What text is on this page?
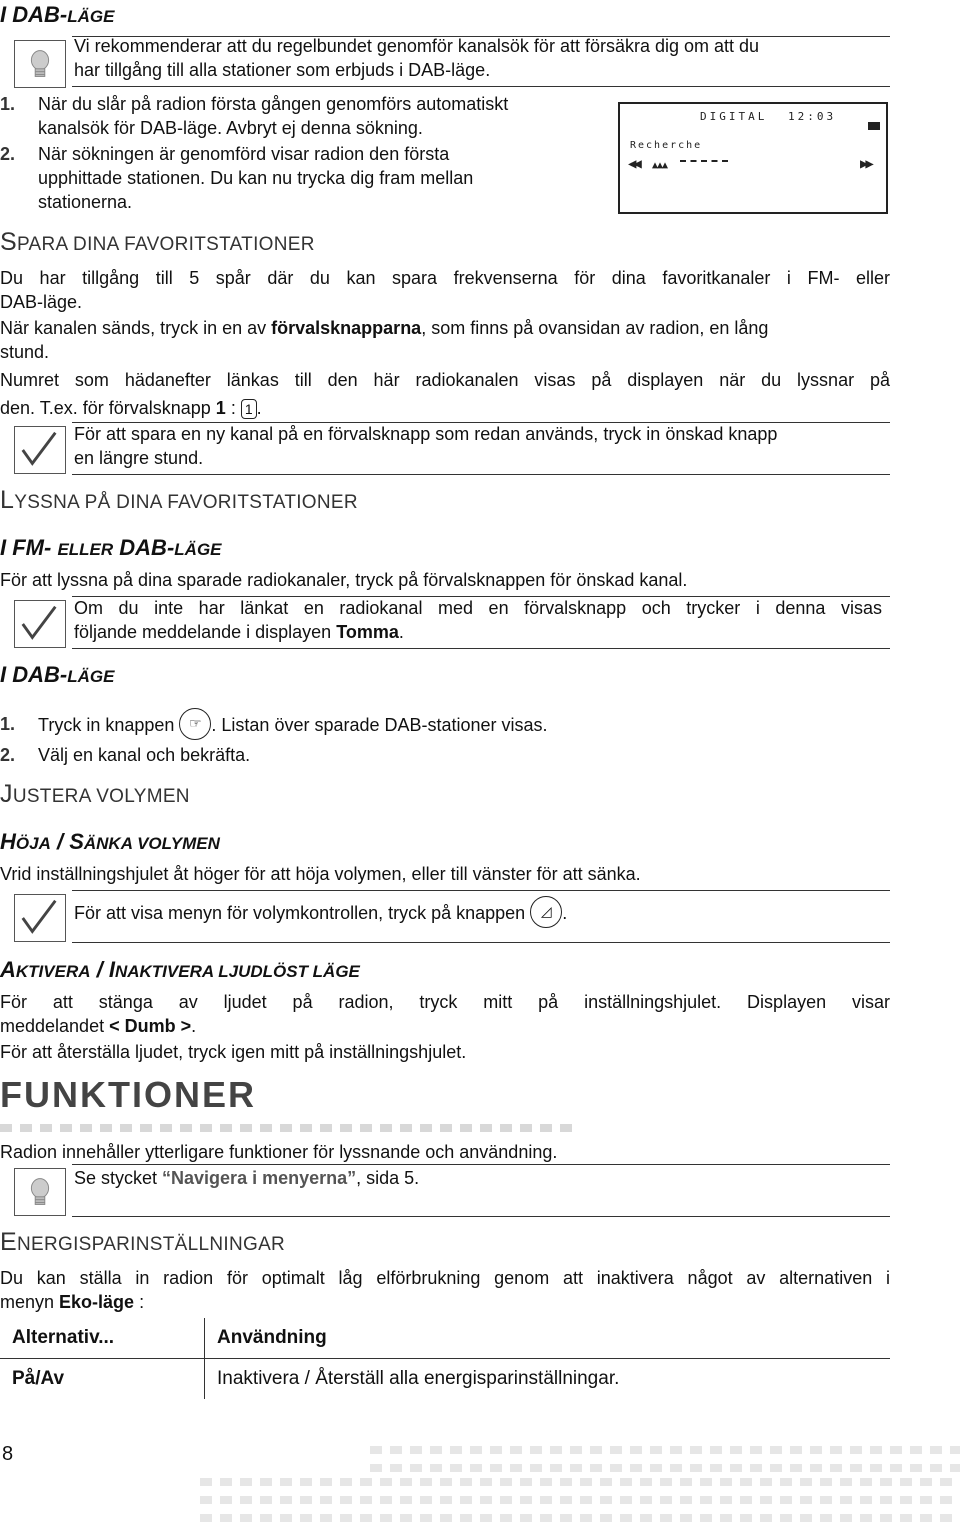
I DAB-LÄGE
Vi rekommenderar att du regelbundet genomför kanalsök för att försäkra dig om att du
har tillgång till alla stationer som erbjuds i DAB-läge.
1. När du slår på radion första gången genomförs automatiskt
kanalsök för DAB-läge. Avbryt ej denna sökning.
2. När sökningen är genomförd visar radion den första
upphittade stationen. Du kan nu trycka dig fram mellan
stationerna.
DIGITAL 12:03
Recherche
◀◀ ▲▲▲	▶▶
SPARA DINA FAVORITSTATIONER
Du har tillgång till 5 spår där du kan spara frekvenserna för dina favoritkanaler i FM- eller
DAB-läge.
När kanalen sänds, tryck in en av förvalsknapparna, som finns på ovansidan av radion, en lång
stund.
Numret som hädanefter länkas till den här radiokanalen visas på displayen när du lyssnar på
den. T.ex. för förvalsknapp 1 : 1 .
För att spara en ny kanal på en förvalsknapp som redan används, tryck in önskad knapp
en längre stund.
LYSSNA PÅ DINA FAVORITSTATIONER
I FM- ELLER DAB-LÄGE
För att lyssna på dina sparade radiokanaler, tryck på förvalsknappen för önskad kanal.
Om du inte har länkat en radiokanal med en förvalsknapp och trycker i denna visas
följande meddelande i displayen Tomma.
I DAB-LÄGE
1. Tryck in knappen ☞ . Listan över sparade DAB-stationer visas.
2. Välj en kanal och bekräfta.
JUSTERA VOLYMEN
HÖJA / SÄNKA VOLYMEN
Vrid inställningshjulet åt höger för att höja volymen, eller till vänster för att sänka.
För att visa menyn för volymkontrollen, tryck på knappen ◿ .
AKTIVERA / INAKTIVERA LJUDLÖST LÄGE
För att stänga av ljudet på radion, tryck mitt på inställningshjulet. Displayen visar
meddelandet < Dumb >.
För att återställa ljudet, tryck igen mitt på inställningshjulet.
FUNKTIONER
Radion innehåller ytterligare funktioner för lyssnande och användning.
Se stycket “Navigera i menyerna”, sida 5.
ENERGISPARINSTÄLLNINGAR
Du kan ställa in radion för optimalt låg elförbrukning genom att inaktivera något av alternativen i
menyn Eko-läge :
Alternativ...	Användning
På/Av	Inaktivera / Återställ alla energisparinställningar.
8
